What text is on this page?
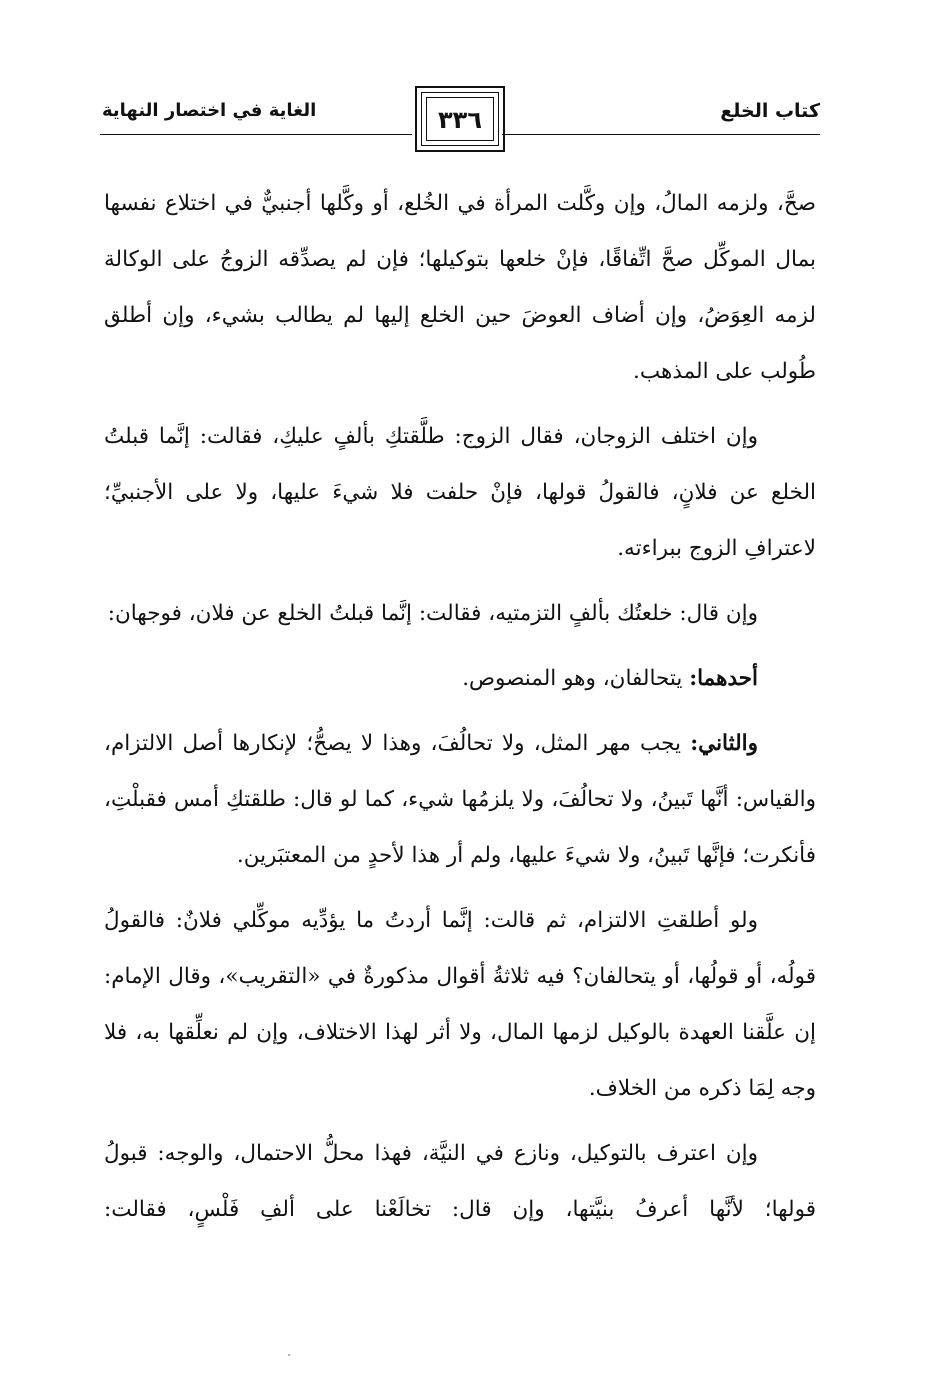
كتاب الخلع
الغاية في اختصار النهاية	٣٣٦

صحَّ، ولزمه المالُ، وإن وكَّلت المرأة في الخُلع، أو وكَّلها أجنبيٌّ في اختلاع نفسها بمال الموكِّل صحَّ اتِّفاقًا، فإنْ خلعها بتوكيلها؛ فإن لم يصدِّقه الزوجُ على الوكالة لزمه العِوَضُ، وإن أضاف العوضَ حين الخلع إليها لم يطالب بشيء، وإن أطلق طُولب على المذهب.

وإن اختلف الزوجان، فقال الزوج: طلَّقتكِ بألفٍ عليكِ، فقالت: إنَّما قبلتُ الخلع عن فلانٍ، فالقولُ قولها، فإنْ حلفت فلا شيءَ عليها، ولا على الأجنبيِّ؛ لاعترافِ الزوج ببراءته.

وإن قال: خلعتُك بألفٍ التزمتيه، فقالت: إنَّما قبلتُ الخلع عن فلان، فوجهان:

أحدهما: يتحالفان، وهو المنصوص.

والثاني: يجب مهر المثل، ولا تحالُفَ، وهذا لا يصحُّ؛ لإنكارها أصل الالتزام، والقياس: أنَّها تَبينُ، ولا تحالُفَ، ولا يلزمُها شيء، كما لو قال: طلقتكِ أمس فقبلْتِ، فأنكرت؛ فإنَّها تَبينُ، ولا شيءَ عليها، ولم أر هذا لأحدٍ من المعتبَرين.

ولو أطلقتِ الالتزام، ثم قالت: إنَّما أردتُ ما يؤدِّيه موكِّلي فلانٌ: فالقولُ قولُه، أو قولُها، أو يتحالفان؟ فيه ثلاثةُ أقوال مذكورةٌ في «التقريب»، وقال الإمام: إن علَّقنا العهدة بالوكيل لزمها المال، ولا أثر لهذا الاختلاف، وإن لم نعلِّقها به، فلا وجه لِمَا ذكره من الخلاف.

وإن اعترف بالتوكيل، ونازع في النيَّة، فهذا محلُّ الاحتمال، والوجه: قبولُ قولها؛ لأنَّها أعرفُ بنيَّتها، وإن قال: تخالَعْنا على ألفِ فَلْسٍ، فقالت:
